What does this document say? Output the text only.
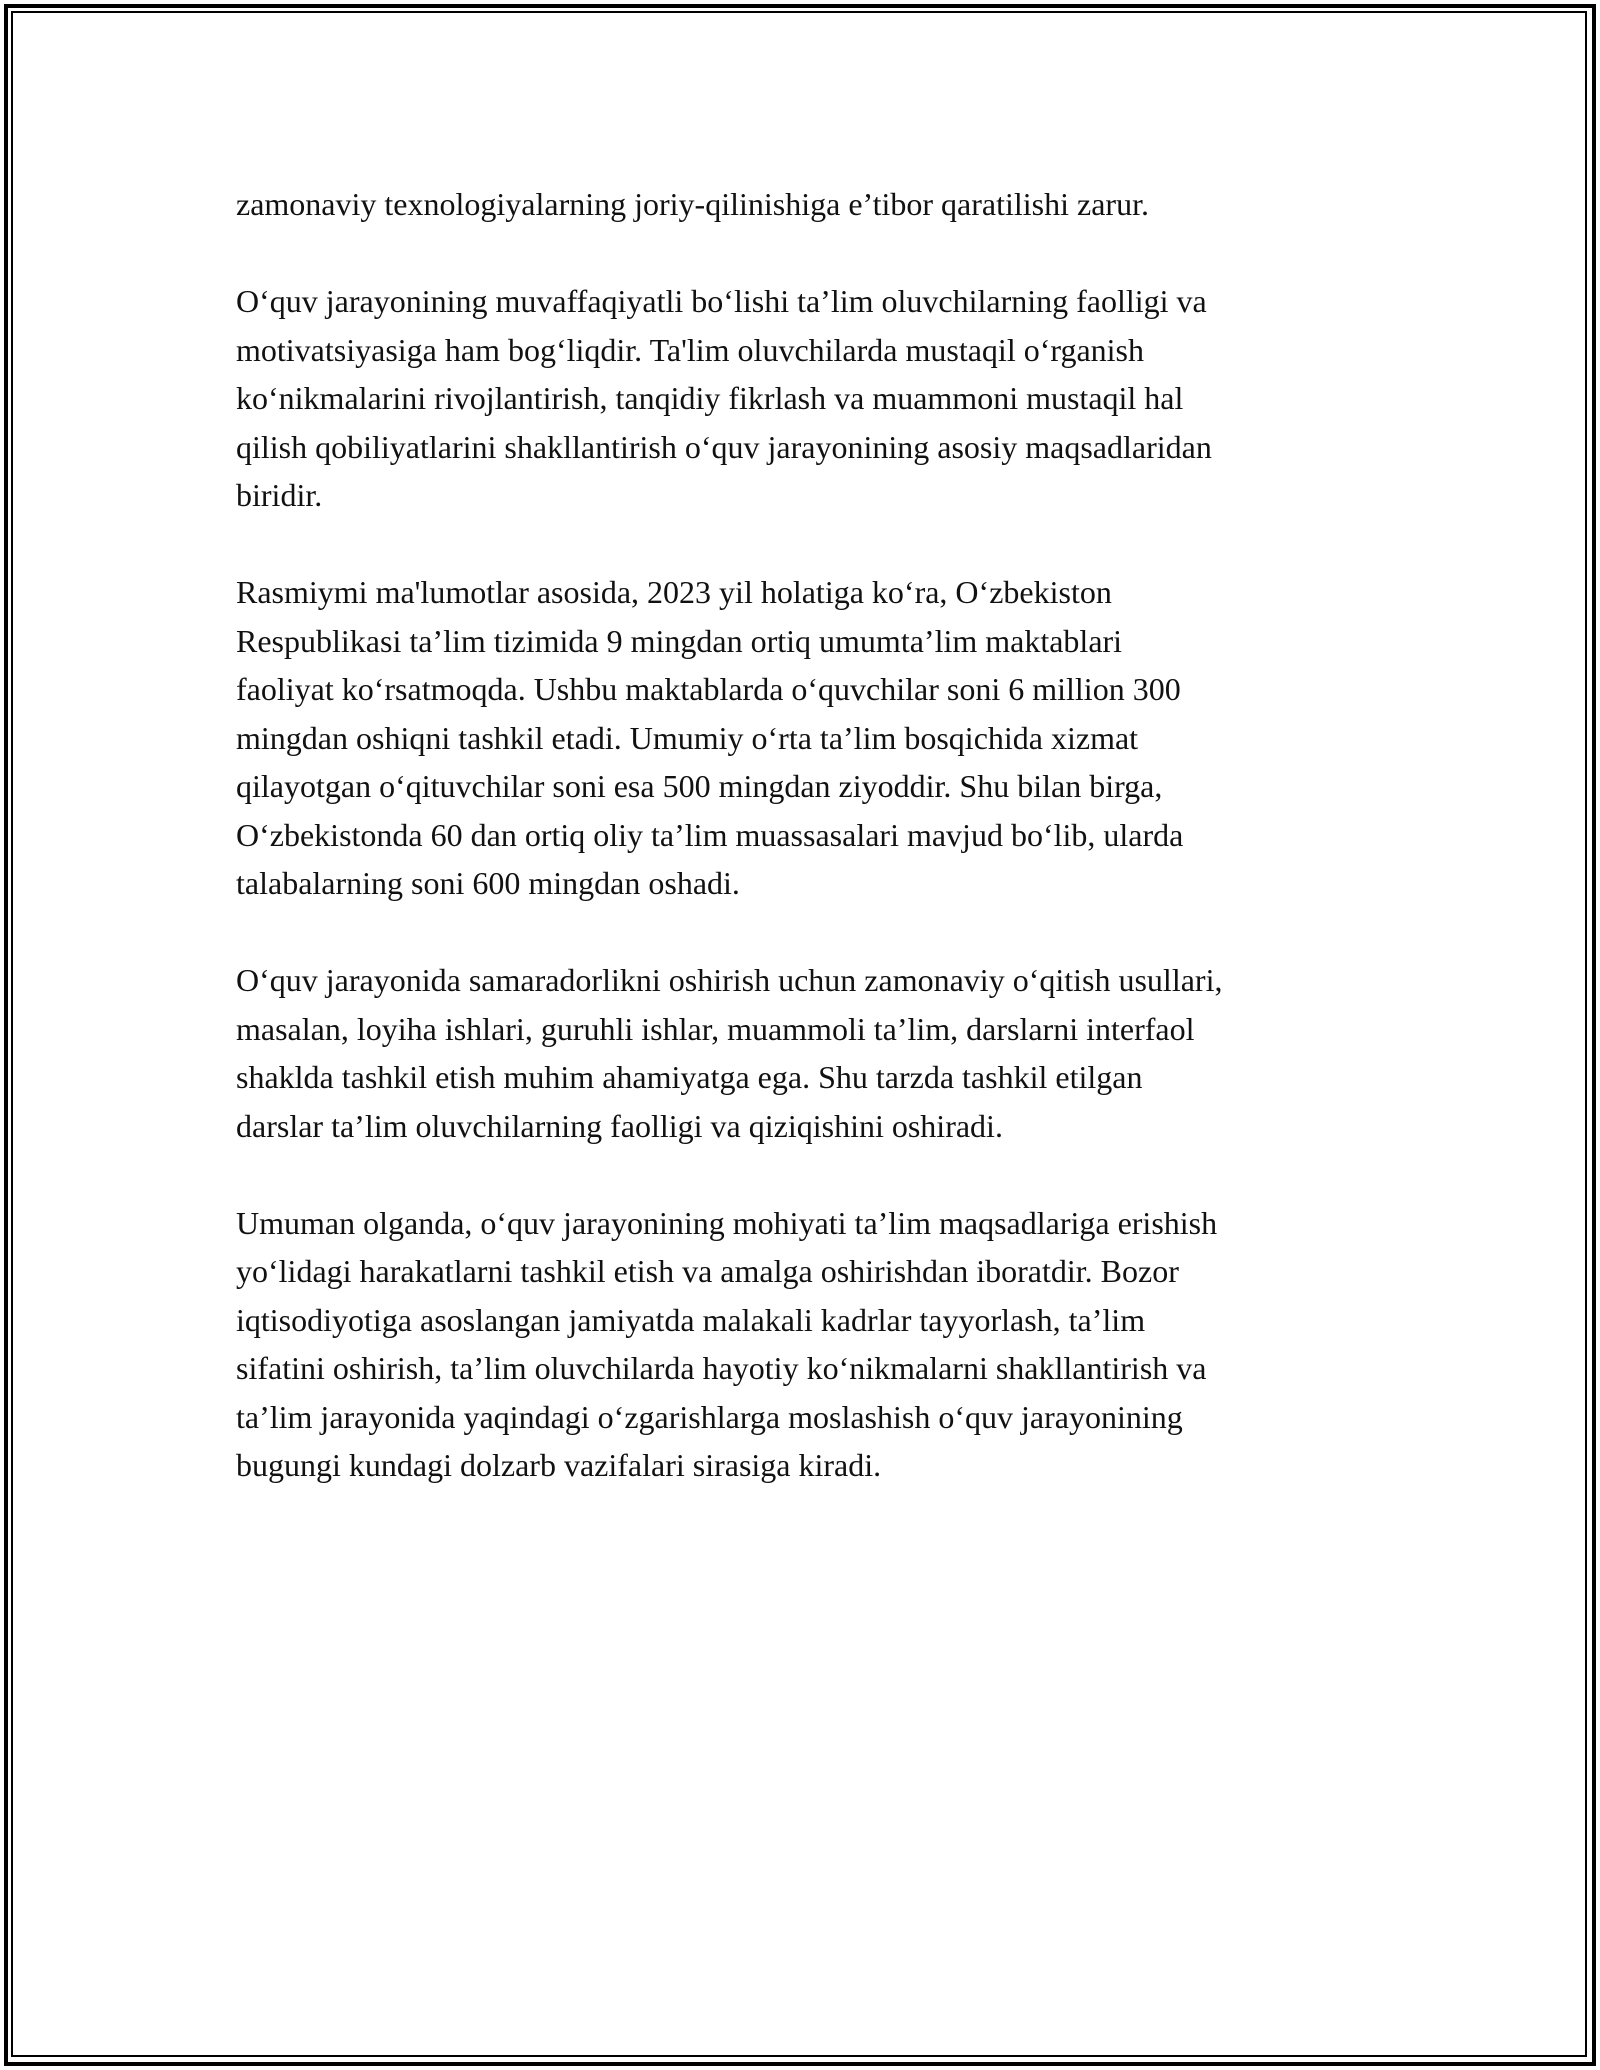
zamonaviy texnologiyalarning joriy-qilinishiga e’tibor qaratilishi zarur.

O‘quv jarayonining muvaffaqiyatli bo‘lishi ta’lim oluvchilarning faolligi va
motivatsiyasiga ham bog‘liqdir. Ta'lim oluvchilarda mustaqil o‘rganish
ko‘nikmalarini rivojlantirish, tanqidiy fikrlash va muammoni mustaqil hal
qilish qobiliyatlarini shakllantirish o‘quv jarayonining asosiy maqsadlaridan
biridir.

Rasmiymi ma'lumotlar asosida, 2023 yil holatiga ko‘ra, O‘zbekiston
Respublikasi ta’lim tizimida 9 mingdan ortiq umumta’lim maktablari
faoliyat ko‘rsatmoqda. Ushbu maktablarda o‘quvchilar soni 6 million 300
mingdan oshiqni tashkil etadi. Umumiy o‘rta ta’lim bosqichida xizmat
qilayotgan o‘qituvchilar soni esa 500 mingdan ziyoddir. Shu bilan birga,
O‘zbekistonda 60 dan ortiq oliy ta’lim muassasalari mavjud bo‘lib, ularda
talabalarning soni 600 mingdan oshadi.

O‘quv jarayonida samaradorlikni oshirish uchun zamonaviy o‘qitish usullari,
masalan, loyiha ishlari, guruhli ishlar, muammoli ta’lim, darslarni interfaol
shaklda tashkil etish muhim ahamiyatga ega. Shu tarzda tashkil etilgan
darslar ta’lim oluvchilarning faolligi va qiziqishini oshiradi.

Umuman olganda, o‘quv jarayonining mohiyati ta’lim maqsadlariga erishish
yo‘lidagi harakatlarni tashkil etish va amalga oshirishdan iboratdir. Bozor
iqtisodiyotiga asoslangan jamiyatda malakali kadrlar tayyorlash, ta’lim
sifatini oshirish, ta’lim oluvchilarda hayotiy ko‘nikmalarni shakllantirish va
ta’lim jarayonida yaqindagi o‘zgarishlarga moslashish o‘quv jarayonining
bugungi kundagi dolzarb vazifalari sirasiga kiradi.
